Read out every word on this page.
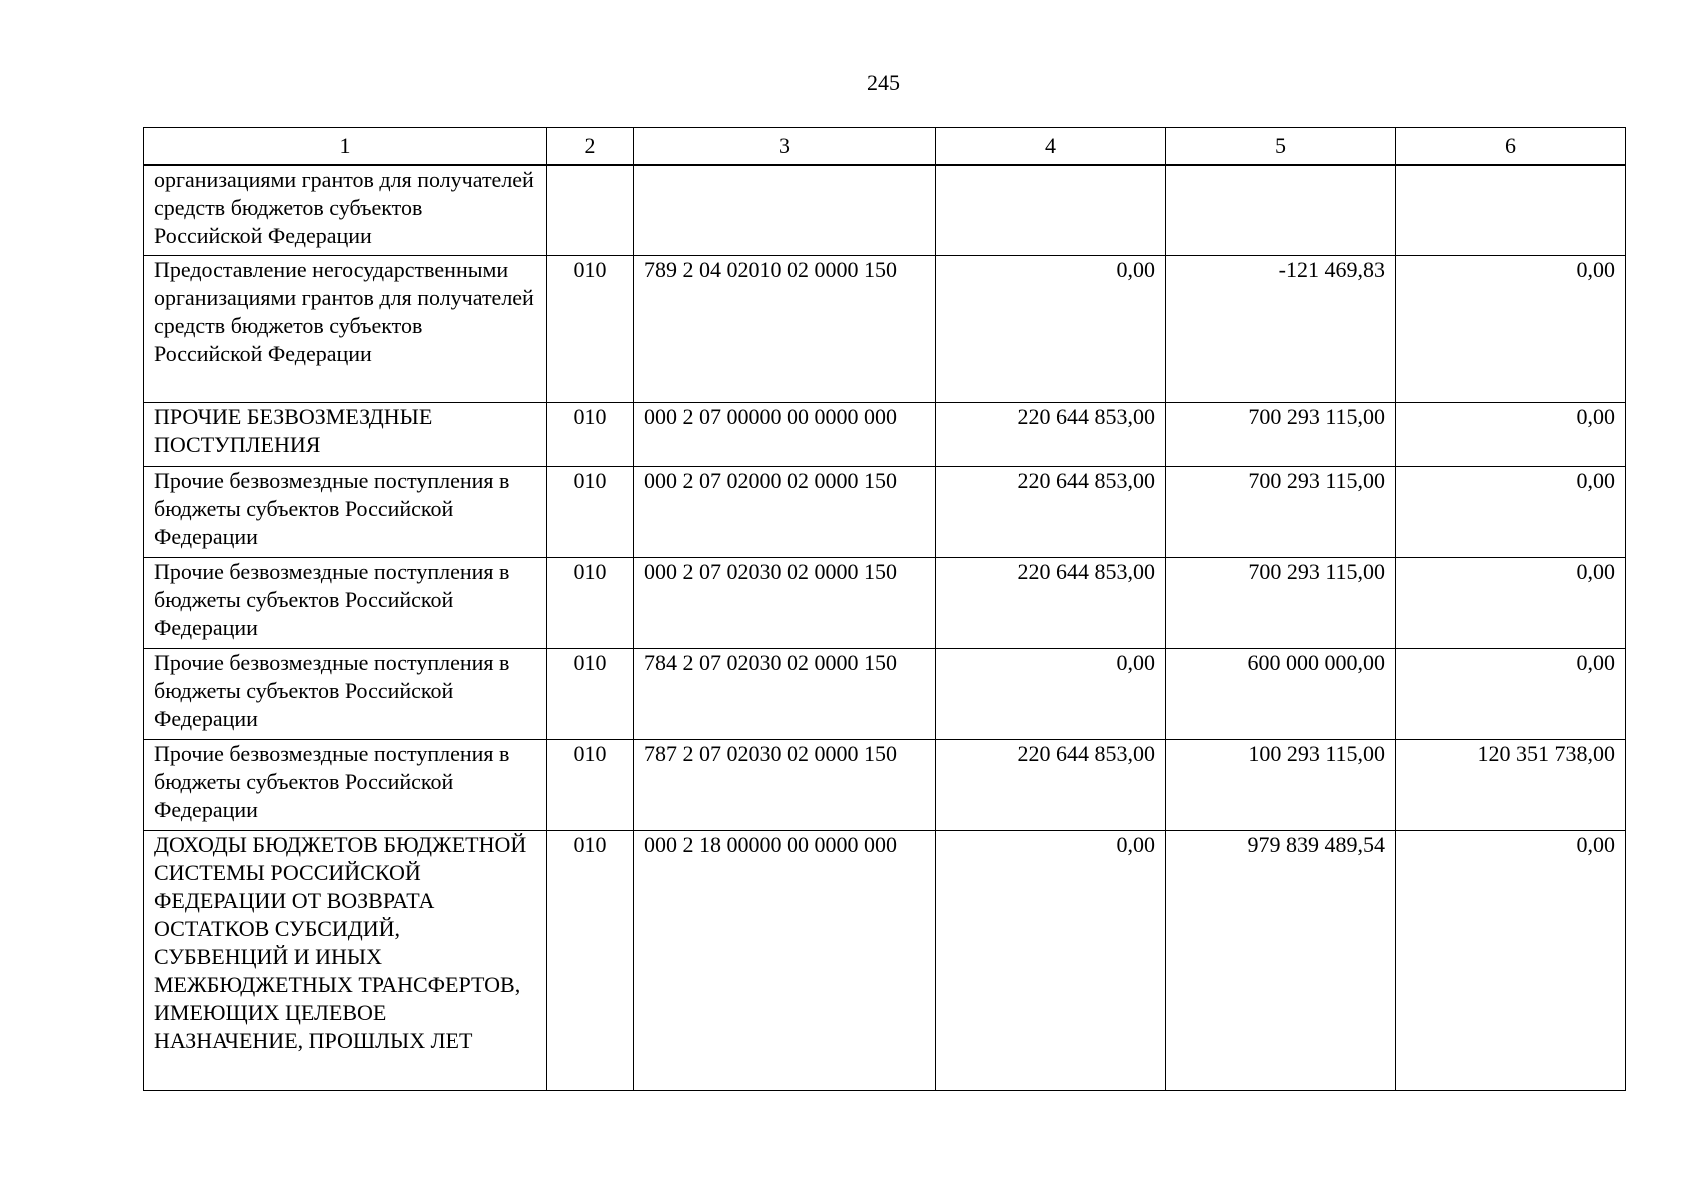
245
1	2	3	4	5	6
организациями грантов для получателей средств бюджетов субъектов Российской Федерации					
Предоставление негосударственными организациями грантов для получателей средств бюджетов субъектов Российской Федерации	010	789 2 04 02010 02 0000 150	0,00	-121 469,83	0,00
ПРОЧИЕ БЕЗВОЗМЕЗДНЫЕ ПОСТУПЛЕНИЯ	010	000 2 07 00000 00 0000 000	220 644 853,00	700 293 115,00	0,00
Прочие безвозмездные поступления в бюджеты субъектов Российской Федерации	010	000 2 07 02000 02 0000 150	220 644 853,00	700 293 115,00	0,00
Прочие безвозмездные поступления в бюджеты субъектов Российской Федерации	010	000 2 07 02030 02 0000 150	220 644 853,00	700 293 115,00	0,00
Прочие безвозмездные поступления в бюджеты субъектов Российской Федерации	010	784 2 07 02030 02 0000 150	0,00	600 000 000,00	0,00
Прочие безвозмездные поступления в бюджеты субъектов Российской Федерации	010	787 2 07 02030 02 0000 150	220 644 853,00	100 293 115,00	120 351 738,00
ДОХОДЫ БЮДЖЕТОВ БЮДЖЕТНОЙ СИСТЕМЫ РОССИЙСКОЙ ФЕДЕРАЦИИ ОТ ВОЗВРАТА ОСТАТКОВ СУБСИДИЙ, СУБВЕНЦИЙ И ИНЫХ МЕЖБЮДЖЕТНЫХ ТРАНСФЕРТОВ, ИМЕЮЩИХ ЦЕЛЕВОЕ НАЗНАЧЕНИЕ, ПРОШЛЫХ ЛЕТ	010	000 2 18 00000 00 0000 000	0,00	979 839 489,54	0,00
